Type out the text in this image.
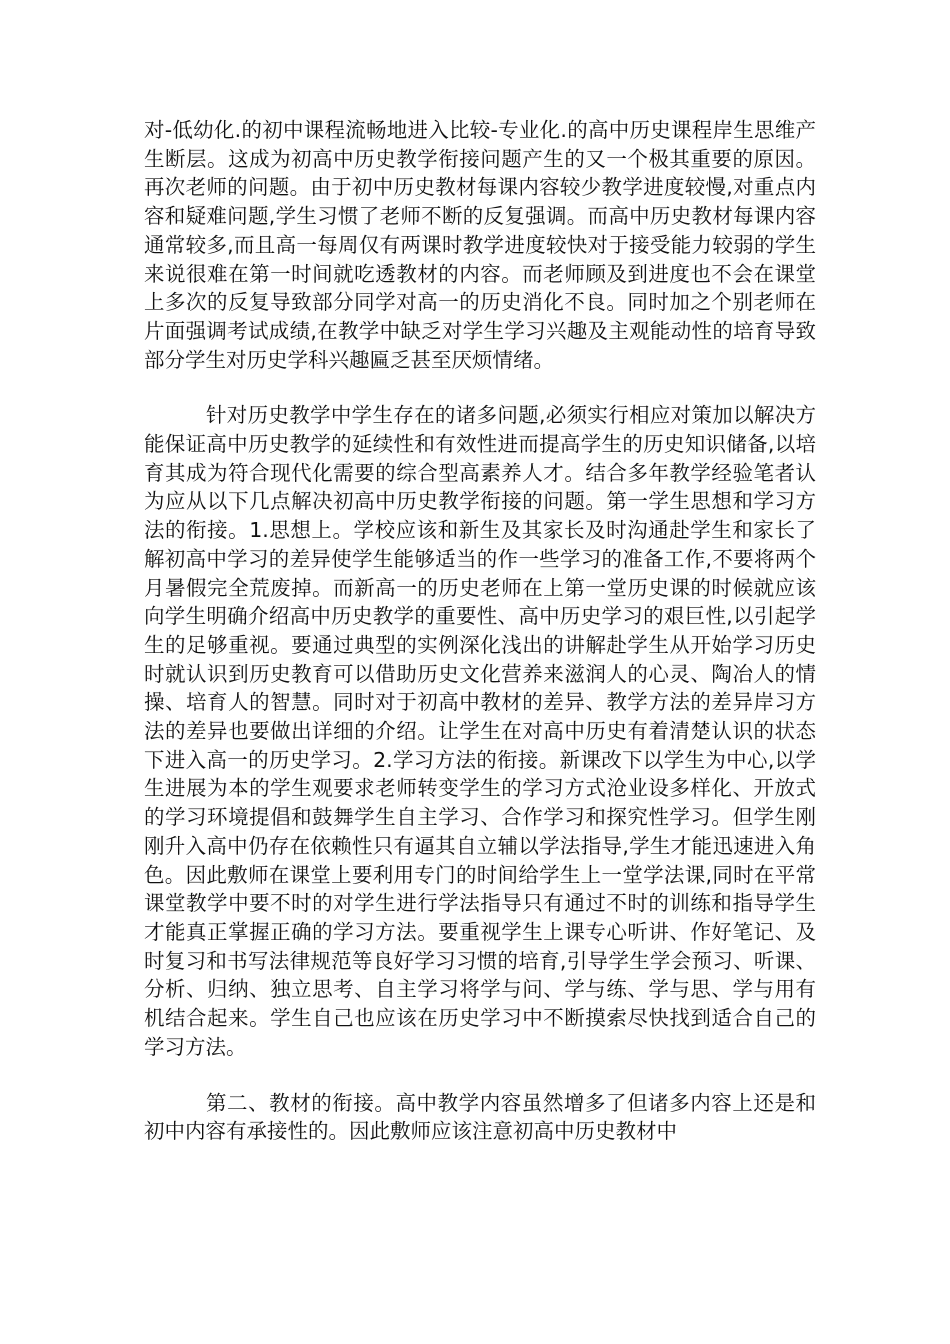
对-低幼化.的初中课程流畅地进入比较-专业化.的高中历史课程岸生思维产生断层。这成为初高中历史教学衔接问题产生的又一个极其重要的原因。再次老师的问题。由于初中历史教材每课内容较少教学进度较慢,对重点内容和疑难问题,学生习惯了老师不断的反复强调。而高中历史教材每课内容通常较多,而且高一每周仅有两课时教学进度较快对于接受能力较弱的学生来说很难在第一时间就吃透教材的内容。而老师顾及到进度也不会在课堂上多次的反复导致部分同学对高一的历史消化不良。同时加之个别老师在片面强调考试成绩,在教学中缺乏对学生学习兴趣及主观能动性的培育导致部分学生对历史学科兴趣匾乏甚至厌烦情绪。

针对历史教学中学生存在的诸多问题,必须实行相应对策加以解决方能保证高中历史教学的延续性和有效性进而提高学生的历史知识储备,以培育其成为符合现代化需要的综合型高素养人才。结合多年教学经验笔者认为应从以下几点解决初高中历史教学衔接的问题。第一学生思想和学习方法的衔接。1.思想上。学校应该和新生及其家长及时沟通赴学生和家长了解初高中学习的差异使学生能够适当的作一些学习的准备工作,不要将两个月暑假完全荒废掉。而新高一的历史老师在上第一堂历史课的时候就应该向学生明确介绍高中历史教学的重要性、高中历史学习的艰巨性,以引起学生的足够重视。要通过典型的实例深化浅出的讲解赴学生从开始学习历史时就认识到历史教育可以借助历史文化营养来滋润人的心灵、陶冶人的情操、培育人的智慧。同时对于初高中教材的差异、教学方法的差异岸习方法的差异也要做出详细的介绍。让学生在对高中历史有着清楚认识的状态下进入高一的历史学习。2.学习方法的衔接。新课改下以学生为中心,以学生进展为本的学生观要求老师转变学生的学习方式沧业设多样化、开放式的学习环境提倡和鼓舞学生自主学习、合作学习和探究性学习。但学生刚刚升入高中仍存在依赖性只有逼其自立辅以学法指导,学生才能迅速进入角色。因此敷师在课堂上要利用专门的时间给学生上一堂学法课,同时在平常课堂教学中要不时的对学生进行学法指导只有通过不时的训练和指导学生才能真正掌握正确的学习方法。要重视学生上课专心听讲、作好笔记、及时复习和书写法律规范等良好学习习惯的培育,引导学生学会预习、听课、分析、归纳、独立思考、自主学习将学与问、学与练、学与思、学与用有机结合起来。学生自己也应该在历史学习中不断摸索尽快找到适合自己的学习方法。

第二、教材的衔接。高中教学内容虽然增多了但诸多内容上还是和初中内容有承接性的。因此敷师应该注意初高中历史教材中
